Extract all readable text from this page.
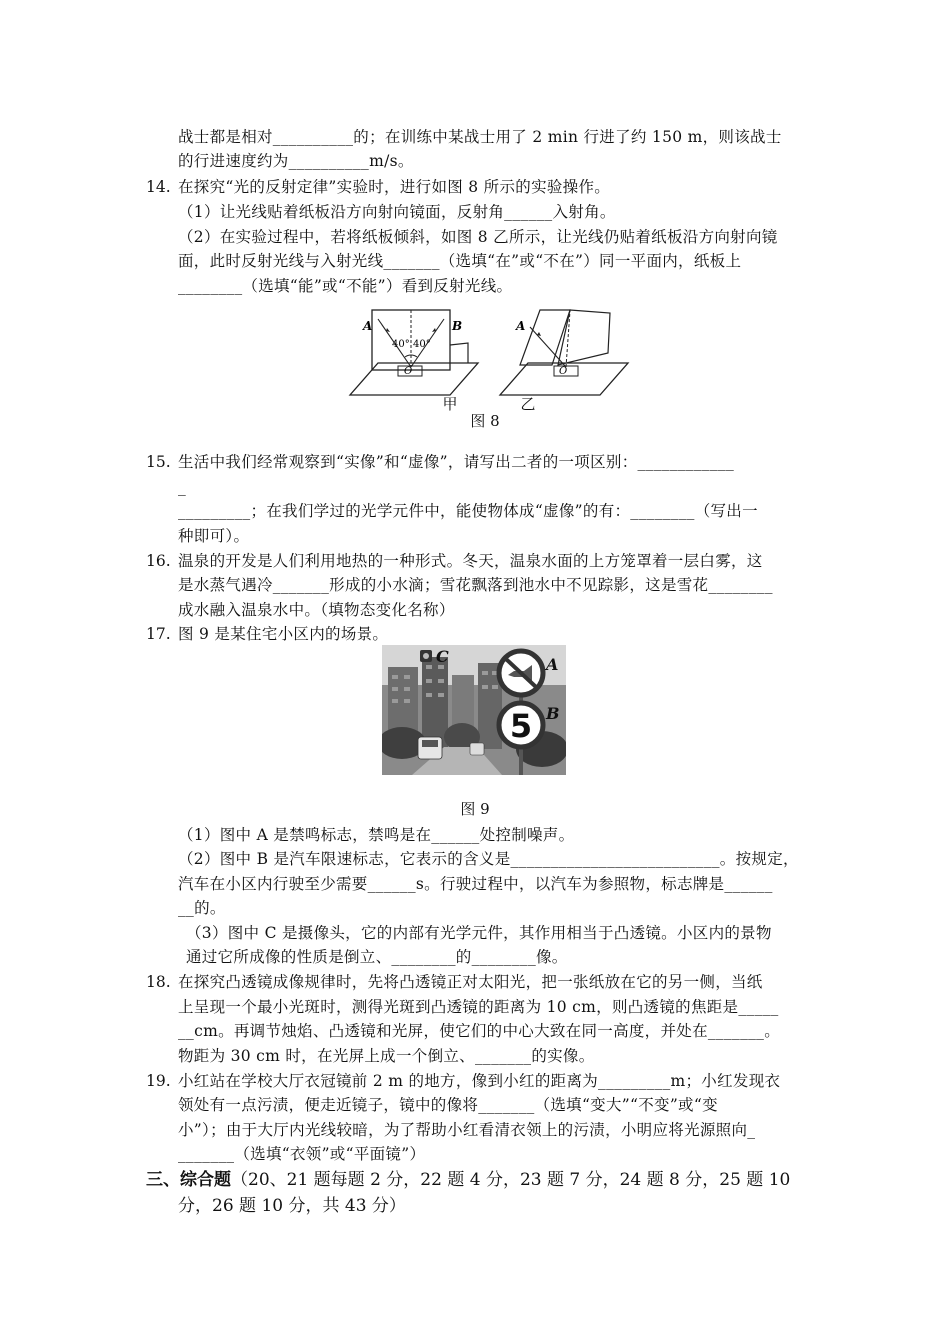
战士都是相对__________的；在训练中某战士用了 2 min 行进了约 150 m，则该战士
的行进速度约为__________m/s。
14. 在探究“光的反射定律”实验时，进行如图 8 所示的实验操作。
（1）让光线贴着纸板沿方向射向镜面，反射角______入射角。
（2）在实验过程中，若将纸板倾斜，如图 8 乙所示，让光线仍贴着纸板沿方向射向镜
面，此时反射光线与入射光线_______（选填“在”或“不在”）同一平面内，纸板上
________（选填“能”或“不能”）看到反射光线。
A	B
40° 40°
O
A
O
甲	乙
图 8
15. 生活中我们经常观察到“实像”和“虚像”，请写出二者的一项区别：____________
_
_________；在我们学过的光学元件中，能使物体成“虚像”的有：________（写出一
种即可）。
16. 温泉的开发是人们利用地热的一种形式。冬天，温泉水面的上方笼罩着一层白雾，这
是水蒸气遇冷_______形成的小水滴；雪花飘落到池水中不见踪影，这是雪花________
成水融入温泉水中。（填物态变化名称）
17. 图 9 是某住宅小区内的场景。
C	A
5 B
图 9
（1）图中 A 是禁鸣标志，禁鸣是在______处控制噪声。
（2）图中 B 是汽车限速标志，它表示的含义是__________________________。按规定，
汽车在小区内行驶至少需要______s。行驶过程中，以汽车为参照物，标志牌是______
__的。
（3）图中 C 是摄像头，它的内部有光学元件，其作用相当于凸透镜。小区内的景物
通过它所成像的性质是倒立、________的________像。
18. 在探究凸透镜成像规律时，先将凸透镜正对太阳光，把一张纸放在它的另一侧，当纸
上呈现一个最小光斑时，测得光斑到凸透镜的距离为 10 cm，则凸透镜的焦距是_____
__cm。再调节烛焰、凸透镜和光屏，使它们的中心大致在同一高度，并处在_______。
物距为 30 cm 时，在光屏上成一个倒立、_______的实像。
19. 小红站在学校大厅衣冠镜前 2 m 的地方，像到小红的距离为_________m；小红发现衣
领处有一点污渍，便走近镜子，镜中的像将_______（选填“变大”“不变”或“变
小”）；由于大厅内光线较暗，为了帮助小红看清衣领上的污渍，小明应将光源照向_
_______（选填“衣领”或“平面镜”）
三、综合题（20、21 题每题 2 分，22 题 4 分，23 题 7 分，24 题 8 分，25 题 10
分，26 题 10 分，共 43 分）
